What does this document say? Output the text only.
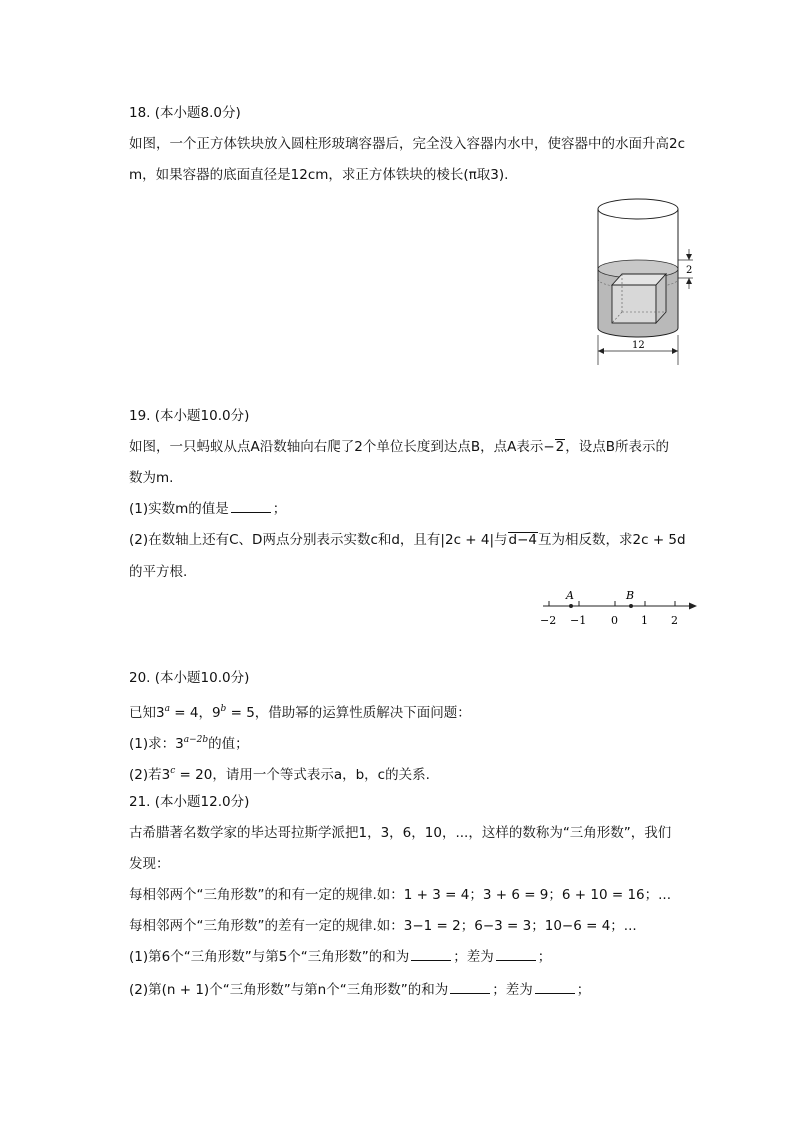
18. (本小题8.0分)
如图，一个正方体铁块放入圆柱形玻璃容器后，完全没入容器内水中，使容器中的水面升高2c
m，如果容器的底面直径是12cm，求正方体铁块的棱长(π取3).
2
12
19. (本小题10.0分)
如图，一只蚂蚁从点A沿数轴向右爬了2个单位长度到达点B，点A表示−2，设点B所表示的
数为m.
(1)实数m的值是	；
(2)在数轴上还有C、D两点分别表示实数c和d，且有|2c + 4|与d−4互为相反数，求2c + 5d
的平方根.
A	B
−2 −1 0 1 2
20. (本小题10.0分)
已知$3^a = 4$，$9^b = 5$，借助幂的运算性质解决下面问题：
(1)求：$3^{a-2b}$的值；
(2)若$3^c = 20$，请用一个等式表示a，b，c的关系.
21. (本小题12.0分)
古希腊著名数学家的毕达哥拉斯学派把1，3，6，10，...，这样的数称为“三角形数”，我们
发现：
每相邻两个“三角形数”的和有一定的规律.如：1 + 3 = 4；3 + 6 = 9；6 + 10 = 16；...
每相邻两个“三角形数”的差有一定的规律.如：3−1 = 2；6−3 = 3；10−6 = 4；...
(1)第6个“三角形数”与第5个“三角形数”的和为	；差为	；
(2)第(n + 1)个“三角形数”与第n个“三角形数”的和为	；差为	；
